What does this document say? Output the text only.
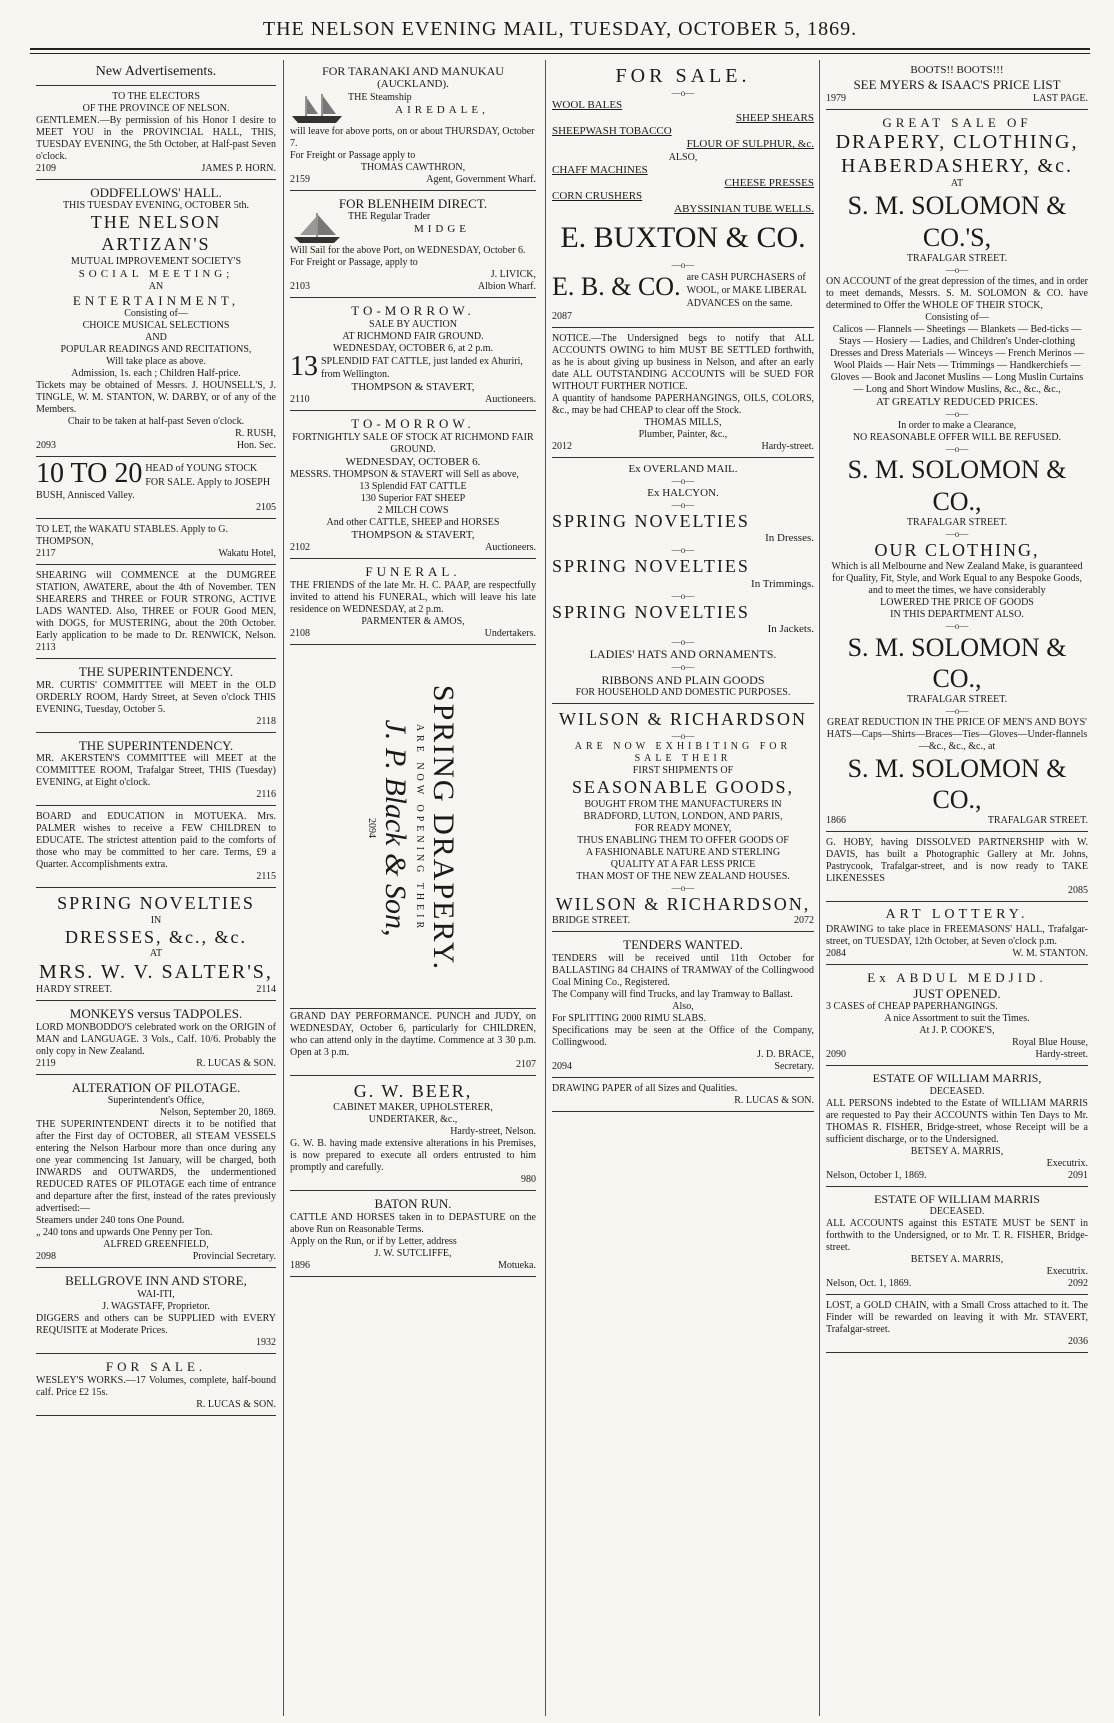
THE NELSON EVENING MAIL, TUESDAY, OCTOBER 5, 1869.
New Advertisements.
TO THE ELECTORS
OF THE PROVINCE OF NELSON.
GENTLEMEN.—By permission of his Honor I desire to MEET YOU in the PROVINCIAL HALL, THIS, TUESDAY EVENING, the 5th October, at Half-past Seven o'clock.
2109	JAMES P. HORN.
ODDFELLOWS' HALL.
THIS TUESDAY EVENING, OCTOBER 5th.
THE NELSON ARTIZAN'S
MUTUAL IMPROVEMENT SOCIETY'S
SOCIAL MEETING;
AN
ENTERTAINMENT,
Consisting of—
CHOICE MUSICAL SELECTIONS
AND
POPULAR READINGS AND RECITATIONS,
Will take place as above.
Admission, 1s. each ; Children Half-price.
Tickets may be obtained of Messrs. J. HOUNSELL'S, J. TINGLE, W. M. STANTON, W. DARBY, or of any of the Members.
Chair to be taken at half-past Seven o'clock.
R. RUSH,
2093	Hon. Sec.
10 TO 20 HEAD of YOUNG STOCK FOR SALE. Apply to JOSEPH BUSH, Annisced Valley.
2105
TO LET, the WAKATU STABLES. Apply to G. THOMPSON,
2117	Wakatu Hotel,
SHEARING will COMMENCE at the DUMGREE STATION, AWATERE, about the 4th of November. TEN SHEARERS and THREE or FOUR STRONG, ACTIVE LADS WANTED. Also, THREE or FOUR Good MEN, with DOGS, for MUSTERING, about the 20th October. Early application to be made to Dr. RENWICK, Nelson. 2113
THE SUPERINTENDENCY.
MR. CURTIS' COMMITTEE will MEET in the OLD ORDERLY ROOM, Hardy Street, at Seven o'clock THIS EVENING, Tuesday, October 5.
2118
THE SUPERINTENDENCY.
MR. AKERSTEN'S COMMITTEE will MEET at the COMMITTEE ROOM, Trafalgar Street, THIS (Tuesday) EVENING, at Eight o'clock.
2116
BOARD and EDUCATION in MOTUEKA. Mrs. PALMER wishes to receive a FEW CHILDREN to EDUCATE. The strictest attention paid to the comforts of those who may be committed to her care. Terms, £9 a Quarter. Accomplishments extra.
2115
SPRING NOVELTIES
IN
DRESSES, &c., &c.
AT
MRS. W. V. SALTER'S,
HARDY STREET.	2114
MONKEYS versus TADPOLES.
LORD MONBODDO'S celebrated work on the ORIGIN of MAN and LANGUAGE. 3 Vols., Calf. 10/6. Probably the only copy in New Zealand.
2119	R. LUCAS & SON.
ALTERATION OF PILOTAGE.
Superintendent's Office,
Nelson, September 20, 1869.
THE SUPERINTENDENT directs it to be notified that after the First day of OCTOBER, all STEAM VESSELS entering the Nelson Harbour more than once during any one year commencing 1st January, will be charged, both INWARDS and OUTWARDS, the undermentioned REDUCED RATES OF PILOTAGE each time of entrance and departure after the first, instead of the rates previously advertised:—
Steamers under 240 tons One Pound.
„ 240 tons and upwards One Penny per Ton.
ALFRED GREENFIELD,
2098	Provincial Secretary.
BELLGROVE INN AND STORE,
WAI-ITI,
J. WAGSTAFF, Proprietor.
DIGGERS and others can be SUPPLIED with EVERY REQUISITE at Moderate Prices.
1932
FOR SALE.
WESLEY'S WORKS.—17 Volumes, complete, half-bound calf. Price £2 15s.
R. LUCAS & SON.
FOR TARANAKI AND MANUKAU
(AUCKLAND).
THE Steamship
AIREDALE,
will leave for above ports, on or about THURSDAY, October 7.
For Freight or Passage apply to
THOMAS CAWTHRON,
2159	Agent, Government Wharf.
FOR BLENHEIM DIRECT.
THE Regular Trader
MIDGE
Will Sail for the above Port, on WEDNESDAY, October 6.
For Freight or Passage, apply to
J. LIVICK,
2103	Albion Wharf.
TO-MORROW.
SALE BY AUCTION
AT RICHMOND FAIR GROUND.
WEDNESDAY, OCTOBER 6, at 2 p.m.
13 SPLENDID FAT CATTLE, just landed ex Ahuriri, from Wellington.
THOMPSON & STAVERT,
2110	Auctioneers.
TO-MORROW.
FORTNIGHTLY SALE OF STOCK AT RICHMOND FAIR GROUND.
WEDNESDAY, OCTOBER 6.
MESSRS. THOMPSON & STAVERT will Sell as above,
13 Splendid FAT CATTLE
130 Superior FAT SHEEP
2 MILCH COWS
And other CATTLE, SHEEP and HORSES
THOMPSON & STAVERT,
2102	Auctioneers.
FUNERAL.
THE FRIENDS of the late Mr. H. C. PAAP, are respectfully invited to attend his FUNERAL, which will leave his late residence on WEDNESDAY, at 2 p.m.
PARMENTER & AMOS,
2108	Undertakers.
SPRING DRAPERY.
ARE NOW OPENING THEIR
J. P. Black & Son,
2094
GRAND DAY PERFORMANCE. PUNCH and JUDY, on WEDNESDAY, October 6, particularly for CHILDREN, who can attend only in the daytime. Commence at 3 30 p.m. Open at 3 p.m.
2107
G. W. BEER,
CABINET MAKER, UPHOLSTERER,
UNDERTAKER, &c.,
Hardy-street, Nelson.
G. W. B. having made extensive alterations in his Premises, is now prepared to execute all orders entrusted to him promptly and carefully.
980
BATON RUN.
CATTLE AND HORSES taken in to DEPASTURE on the above Run on Reasonable Terms.
Apply on the Run, or if by Letter, address
J. W. SUTCLIFFE,
1896	Motueka.
FOR SALE.
—o—
WOOL BALES
SHEEP SHEARS
SHEEPWASH TOBACCO
FLOUR OF SULPHUR, &c.
ALSO,
CHAFF MACHINES
CHEESE PRESSES
CORN CRUSHERS
ABYSSINIAN TUBE WELLS.
E. BUXTON & CO.
—o—
E. B. & CO. are CASH PURCHASERS of WOOL, or MAKE LIBERAL ADVANCES on the same.
2087
NOTICE.—The Undersigned begs to notify that ALL ACCOUNTS OWING to him MUST BE SETTLED forthwith, as he is about giving up business in Nelson, and after an early date ALL OUTSTANDING ACCOUNTS will be SUED FOR WITHOUT FURTHER NOTICE.
A quantity of handsome PAPERHANGINGS, OILS, COLORS, &c., may be had CHEAP to clear off the Stock.
THOMAS MILLS,
Plumber, Painter, &c.,
2012	Hardy-street.
Ex OVERLAND MAIL.
—o—
Ex HALCYON.
—o—
SPRING NOVELTIES
In Dresses.
—o—
SPRING NOVELTIES
In Trimmings.
—o—
SPRING NOVELTIES
In Jackets.
—o—
LADIES' HATS AND ORNAMENTS.
—o—
RIBBONS AND PLAIN GOODS
FOR HOUSEHOLD AND DOMESTIC PURPOSES.
WILSON & RICHARDSON
—o—
ARE NOW EXHIBITING FOR SALE THEIR
FIRST SHIPMENTS OF
SEASONABLE GOODS,
BOUGHT FROM THE MANUFACTURERS IN
BRADFORD, LUTON, LONDON, AND PARIS,
FOR READY MONEY,
THUS ENABLING THEM TO OFFER GOODS OF
A FASHIONABLE NATURE AND STERLING
QUALITY AT A FAR LESS PRICE
THAN MOST OF THE NEW ZEALAND HOUSES.
—o—
WILSON & RICHARDSON,
BRIDGE STREET.	2072
TENDERS WANTED.
TENDERS will be received until 11th October for BALLASTING 84 CHAINS of TRAMWAY of the Collingwood Coal Mining Co., Registered.
The Company will find Trucks, and lay Tramway to Ballast.
Also,
For SPLITTING 2000 RIMU SLABS.
Specifications may be seen at the Office of the Company, Collingwood.
J. D. BRACE,
2094	Secretary.
DRAWING PAPER of all Sizes and Qualities.
R. LUCAS & SON.
BOOTS!! BOOTS!!!
SEE MYERS & ISAAC'S PRICE LIST
1979	LAST PAGE.
GREAT SALE OF
DRAPERY, CLOTHING,
HABERDASHERY, &c.
AT
S. M. SOLOMON & CO.'S,
TRAFALGAR STREET.
—o—
ON ACCOUNT of the great depression of the times, and in order to meet demands, Messrs. S. M. SOLOMON & CO. have determined to Offer the WHOLE OF THEIR STOCK,
Consisting of—
Calicos — Flannels — Sheetings — Blankets — Bed-ticks — Stays — Hosiery — Ladies, and Children's Under-clothing Dresses and Dress Materials — Winceys — French Merinos — Wool Plaids — Hair Nets — Trimmings — Handkerchiefs — Gloves — Book and Jaconet Muslins — Long Muslin Curtains — Long and Short Window Muslins, &c., &c., &c.,
AT GREATLY REDUCED PRICES.
—o—
In order to make a Clearance,
NO REASONABLE OFFER WILL BE REFUSED.
—o—
S. M. SOLOMON & CO.,
TRAFALGAR STREET.
—o—
OUR CLOTHING,
Which is all Melbourne and New Zealand Make, is guaranteed for Quality, Fit, Style, and Work Equal to any Bespoke Goods, and to meet the times, we have considerably
LOWERED THE PRICE OF GOODS
IN THIS DEPARTMENT ALSO.
—o—
S. M. SOLOMON & CO.,
TRAFALGAR STREET.
—o—
GREAT REDUCTION IN THE PRICE OF MEN'S AND BOYS'
HATS—Caps—Shirts—Braces—Ties—Gloves—Under-flannels—&c., &c., &c., at
S. M. SOLOMON & CO.,
1866	TRAFALGAR STREET.
G. HOBY, having DISSOLVED PARTNERSHIP with W. DAVIS, has built a Photographic Gallery at Mr. Johns, Pastrycook, Trafalgar-street, and is now ready to TAKE LIKENESSES
2085
ART LOTTERY.
DRAWING to take place in FREEMASONS' HALL, Trafalgar-street, on TUESDAY, 12th October, at Seven o'clock p.m.
2084	W. M. STANTON.
Ex ABDUL MEDJID.
JUST OPENED.
3 CASES of CHEAP PAPERHANGINGS.
A nice Assortment to suit the Times.
At J. P. COOKE'S,
Royal Blue House,
2090	Hardy-street.
ESTATE OF WILLIAM MARRIS,
DECEASED.
ALL PERSONS indebted to the Estate of WILLIAM MARRIS are requested to Pay their ACCOUNTS within Ten Days to Mr. THOMAS R. FISHER, Bridge-street, whose Receipt will be a sufficient discharge, or to the Undersigned.
BETSEY A. MARRIS,
Executrix.
Nelson, October 1, 1869.	2091
ESTATE OF WILLIAM MARRIS
DECEASED.
ALL ACCOUNTS against this ESTATE MUST be SENT in forthwith to the Undersigned, or to Mr. T. R. FISHER, Bridge-street.
BETSEY A. MARRIS,
Executrix.
Nelson, Oct. 1, 1869.	2092
LOST, a GOLD CHAIN, with a Small Cross attached to it. The Finder will be rewarded on leaving it with Mr. STAVERT, Trafalgar-street.
2036
